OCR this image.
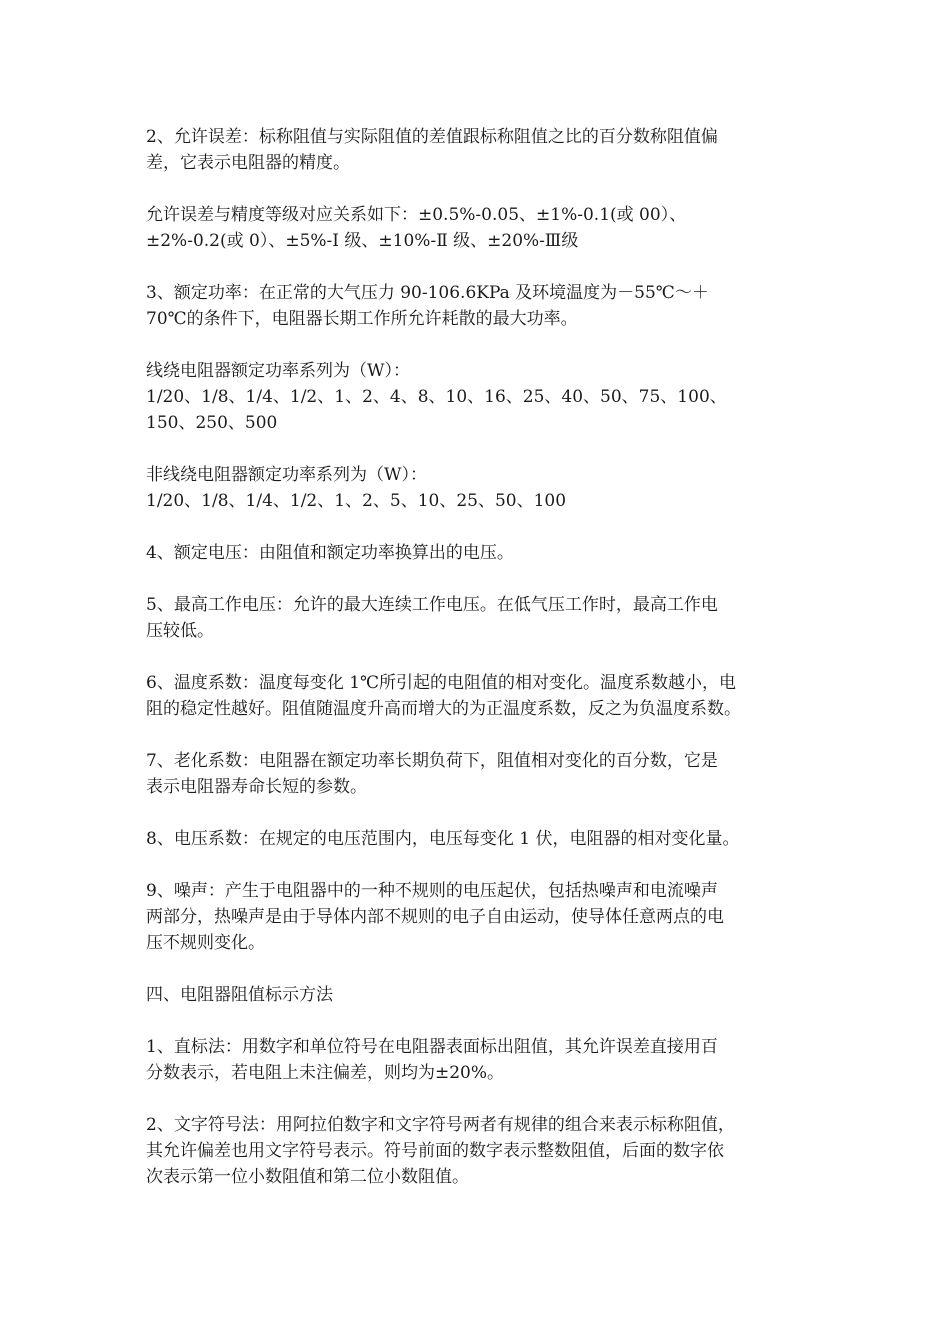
2、允许误差：标称阻值与实际阻值的差值跟标称阻值之比的百分数称阻值偏
差，它表示电阻器的精度。
允许误差与精度等级对应关系如下：±0.5%-0.05、±1%-0.1(或 00）、
±2%-0.2(或 0）、±5%-Ⅰ 级、±10%-Ⅱ 级、±20%-Ⅲ级
3、额定功率：在正常的大气压力 90-106.6KPa 及环境温度为－55℃～＋
70℃的条件下，电阻器长期工作所允许耗散的最大功率。
线绕电阻器额定功率系列为（W）：
1/20、1/8、1/4、1/2、1、2、4、8、10、16、25、40、50、75、100、
150、250、500
非线绕电阻器额定功率系列为（W）：
1/20、1/8、1/4、1/2、1、2、5、10、25、50、100
4、额定电压：由阻值和额定功率换算出的电压。
5、最高工作电压：允许的最大连续工作电压。在低气压工作时，最高工作电
压较低。
6、温度系数：温度每变化 1℃所引起的电阻值的相对变化。温度系数越小，电
阻的稳定性越好。阻值随温度升高而增大的为正温度系数，反之为负温度系数。
7、老化系数：电阻器在额定功率长期负荷下，阻值相对变化的百分数，它是
表示电阻器寿命长短的参数。
8、电压系数：在规定的电压范围内，电压每变化 1 伏，电阻器的相对变化量。
9、噪声：产生于电阻器中的一种不规则的电压起伏，包括热噪声和电流噪声
两部分，热噪声是由于导体内部不规则的电子自由运动，使导体任意两点的电
压不规则变化。
四、电阻器阻值标示方法
1、直标法：用数字和单位符号在电阻器表面标出阻值，其允许误差直接用百
分数表示，若电阻上未注偏差，则均为±20%。
2、文字符号法：用阿拉伯数字和文字符号两者有规律的组合来表示标称阻值，
其允许偏差也用文字符号表示。符号前面的数字表示整数阻值，后面的数字依
次表示第一位小数阻值和第二位小数阻值。
